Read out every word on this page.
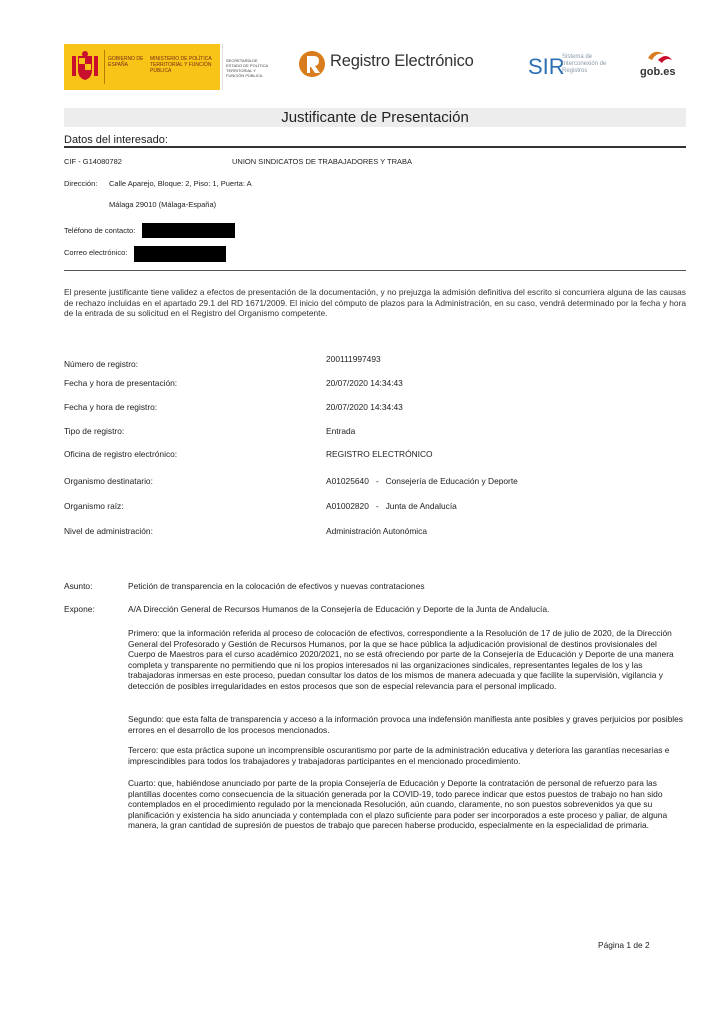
GOBIERNO DE ESPAÑA
MINISTERIO DE POLÍTICA TERRITORIAL Y FUNCIÓN PÚBLICA
SECRETARÍA DE ESTADO DE POLÍTICA TERRITORIAL Y FUNCIÓN PÚBLICA
Registro Electrónico SIR
Sistema de Interconexión de Registros	gob.es
Justificante de Presentación
Datos del interesado:
CIF - G14080782	UNION SINDICATOS DE TRABAJADORES Y TRABA
Dirección: Calle Aparejo, Bloque: 2, Piso: 1, Puerta: A
Málaga 29010 (Málaga-España)
Teléfono de contacto:
Correo electrónico:
El presente justificante tiene validez a efectos de presentación de la documentación, y no prejuzga la admisión definitiva del escrito si concurriera alguna de las causas de rechazo incluidas en el apartado 29.1 del RD 1671/2009. El inicio del cómputo de plazos para la Administración, en su caso, vendrá determinado por la fecha y hora de la entrada de su solicitud en el Registro del Organismo competente.
Número de registro:	200111997493
Fecha y hora de presentación:	20/07/2020 14:34:43
Fecha y hora de registro:	20/07/2020 14:34:43
Tipo de registro:	Entrada
Oficina de registro electrónico:	REGISTRO ELECTRÓNICO
Organismo destinatario:	A01025640   -   Consejería de Educación y Deporte
Organismo raíz:	A01002820   -   Junta de Andalucía
Nivel de administración:	Administración Autonómica
Asunto:	Petición de transparencia en la colocación de efectivos y nuevas contrataciones
Expone:	A/A Dirección General de Recursos Humanos de la Consejería de Educación y Deporte de la Junta de Andalucía.
Primero: que la información referida al proceso de colocación de efectivos, correspondiente a la Resolución de 17 de julio de 2020, de la Dirección General del Profesorado y Gestión de Recursos Humanos, por la que se hace pública la adjudicación provisional de destinos provisionales del Cuerpo de Maestros para el curso académico 2020/2021, no se está ofreciendo por parte de la Consejería de Educación y Deporte de una manera completa y transparente no permitiendo que ni los propios interesados ni las organizaciones sindicales, representantes legales de los y las trabajadoras inmersas en este proceso, puedan consultar los datos de los mismos de manera adecuada y que facilite la supervisión, vigilancia y detección de posibles irregularidades en estos procesos que son de especial relevancia para el personal implicado.
Segundo: que esta falta de transparencia y acceso a la información provoca una indefensión manifiesta ante posibles y graves perjuicios por posibles errores en el desarrollo de los procesos mencionados.
Tercero: que esta práctica supone un incomprensible oscurantismo por parte de la administración educativa y deteriora las garantías necesarias e imprescindibles para todos los trabajadores y trabajadoras participantes en el mencionado procedimiento.
Cuarto: que, habiéndose anunciado por parte de la propia Consejería de Educación y Deporte la contratación de personal de refuerzo para las plantillas docentes como consecuencia de la situación generada por la COVID-19, todo parece indicar que estos puestos de trabajo no han sido contemplados en el procedimiento regulado por la mencionada Resolución, aún cuando, claramente, no son puestos sobrevenidos ya que su planificación y existencia ha sido anunciada y contemplada con el plazo suficiente para poder ser incorporados a este proceso y paliar, de alguna manera, la gran cantidad de supresión de puestos de trabajo que parecen haberse producido, especialmente en la especialidad de primaria.
Página 1 de 2
